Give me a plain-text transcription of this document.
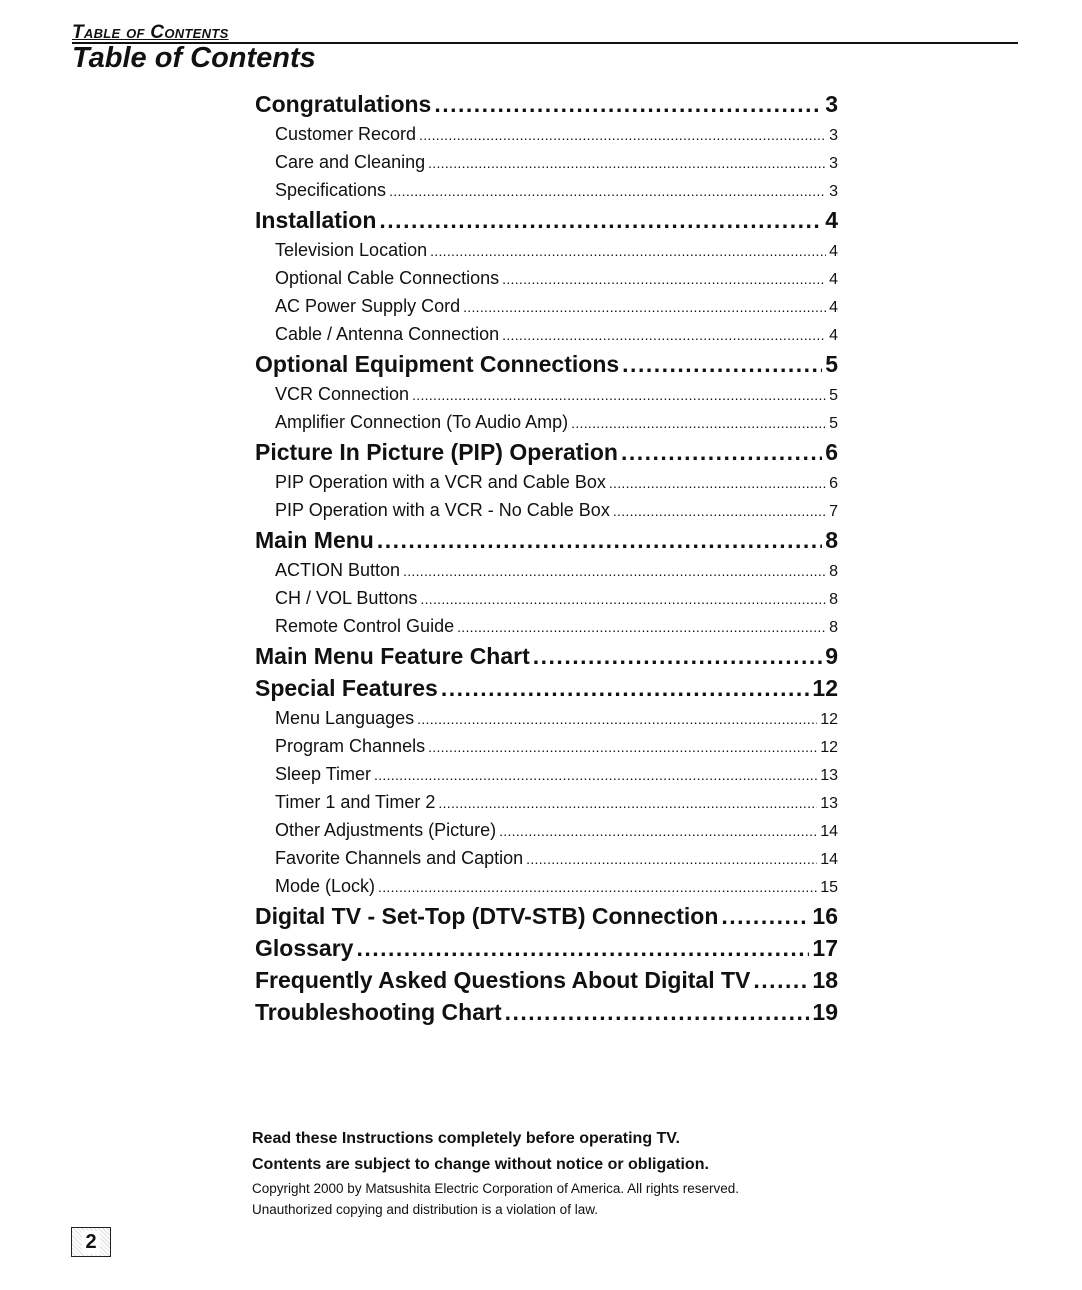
Table of Contents
Table of Contents
Congratulations .....	3
Customer Record .....	3
Care and Cleaning .....	3
Specifications .....	3
Installation .....	4
Television Location .....	4
Optional Cable Connections .....	4
AC Power Supply Cord .....	4
Cable / Antenna Connection .....	4
Optional Equipment Connections .....	5
VCR Connection .....	5
Amplifier Connection (To Audio Amp) .....	5
Picture In Picture (PIP) Operation .....	6
PIP Operation with a VCR and Cable Box .....	6
PIP Operation with a VCR - No Cable Box .....	7
Main Menu .....	8
ACTION Button .....	8
CH / VOL Buttons .....	8
Remote Control Guide .....	8
Main Menu Feature Chart .....	9
Special Features .....	12
Menu Languages .....	12
Program Channels .....	12
Sleep Timer .....	13
Timer 1 and Timer 2 .....	13
Other Adjustments (Picture) .....	14
Favorite Channels and Caption .....	14
Mode (Lock) .....	15
Digital TV - Set-Top (DTV-STB) Connection .....	16
Glossary .....	17
Frequently Asked Questions About Digital TV .....	18
Troubleshooting Chart .....	19
Read these Instructions completely before operating TV.
Contents are subject to change without notice or obligation.
Copyright 2000 by Matsushita Electric Corporation of America. All rights reserved.
Unauthorized copying and distribution is a violation of law.
2
